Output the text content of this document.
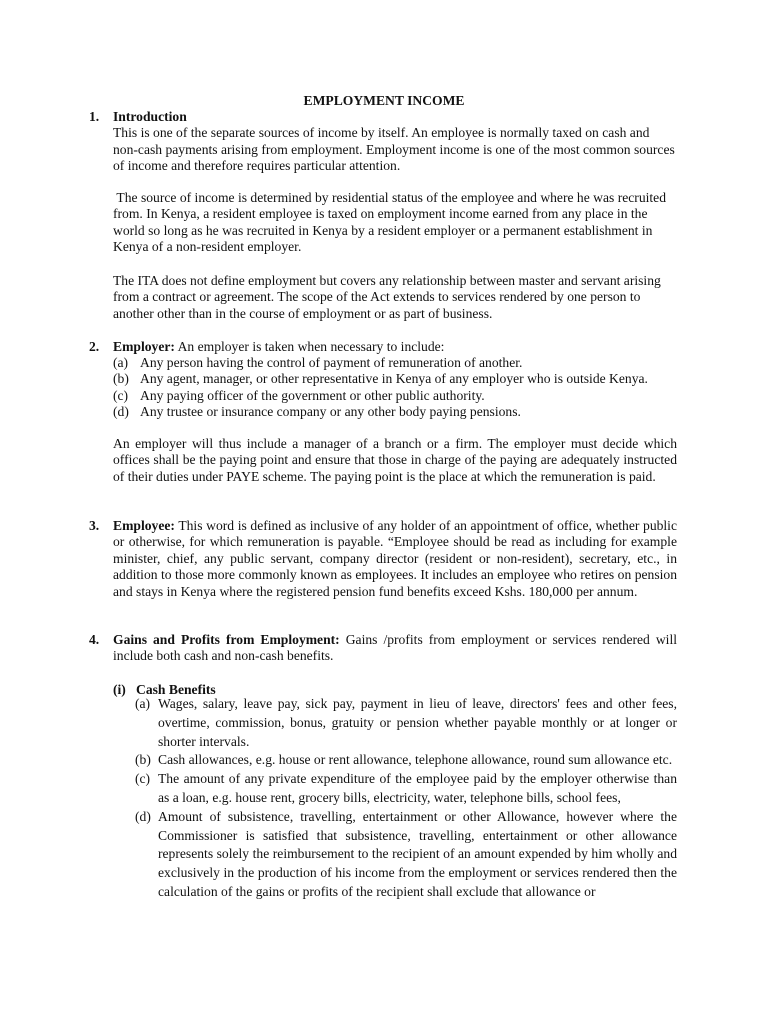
EMPLOYMENT INCOME
1. Introduction

This is one of the separate sources of income by itself. An employee is normally taxed on cash and non-cash payments arising from employment. Employment income is one of the most common sources of income and therefore requires particular attention.

The source of income is determined by residential status of the employee and where he was recruited from. In Kenya, a resident employee is taxed on employment income earned from any place in the world so long as he was recruited in Kenya by a resident employer or a permanent establishment in Kenya of a non-resident employer.

The ITA does not define employment but covers any relationship between master and servant arising from a contract or agreement. The scope of the Act extends to services rendered by one person to another other than in the course of employment or as part of business.

2. Employer: An employer is taken when necessary to include:

(a) Any person having the control of payment of remuneration of another.
(b) Any agent, manager, or other representative in Kenya of any employer who is outside Kenya.
(c) Any paying officer of the government or other public authority.
(d) Any trustee or insurance company or any other body paying pensions.

An employer will thus include a manager of a branch or a firm. The employer must decide which offices shall be the paying point and ensure that those in charge of the paying are adequately instructed of their duties under PAYE scheme. The paying point is the place at which the remuneration is paid.

3. Employee: This word is defined as inclusive of any holder of an appointment of office, whether public or otherwise, for which remuneration is payable. “Employee should be read as including for example minister, chief, any public servant, company director (resident or non-resident), secretary, etc., in addition to those more commonly known as employees. It includes an employee who retires on pension and stays in Kenya where the registered pension fund benefits exceed Kshs. 180,000 per annum.

4. Gains and Profits from Employment: Gains /profits from employment or services rendered will include both cash and non-cash benefits.

(i)   Cash Benefits
(a) Wages, salary, leave pay, sick pay, payment in lieu of leave, directors' fees and other fees, overtime, commission, bonus, gratuity or pension whether payable monthly or at longer or shorter intervals.
(b) Cash allowances, e.g. house or rent allowance, telephone allowance, round sum allowance etc.
(c) The amount of any private expenditure of the employee paid by the employer otherwise than as a loan, e.g. house rent, grocery bills, electricity, water, telephone bills, school fees,
(d) Amount of subsistence, travelling, entertainment or other Allowance, however where the Commissioner is satisfied that subsistence, travelling, entertainment or other allowance represents solely the reimbursement to the recipient of an amount expended by him wholly and exclusively in the production of his income from the employment or services rendered then the calculation of the gains or profits of the recipient shall exclude that allowance or
